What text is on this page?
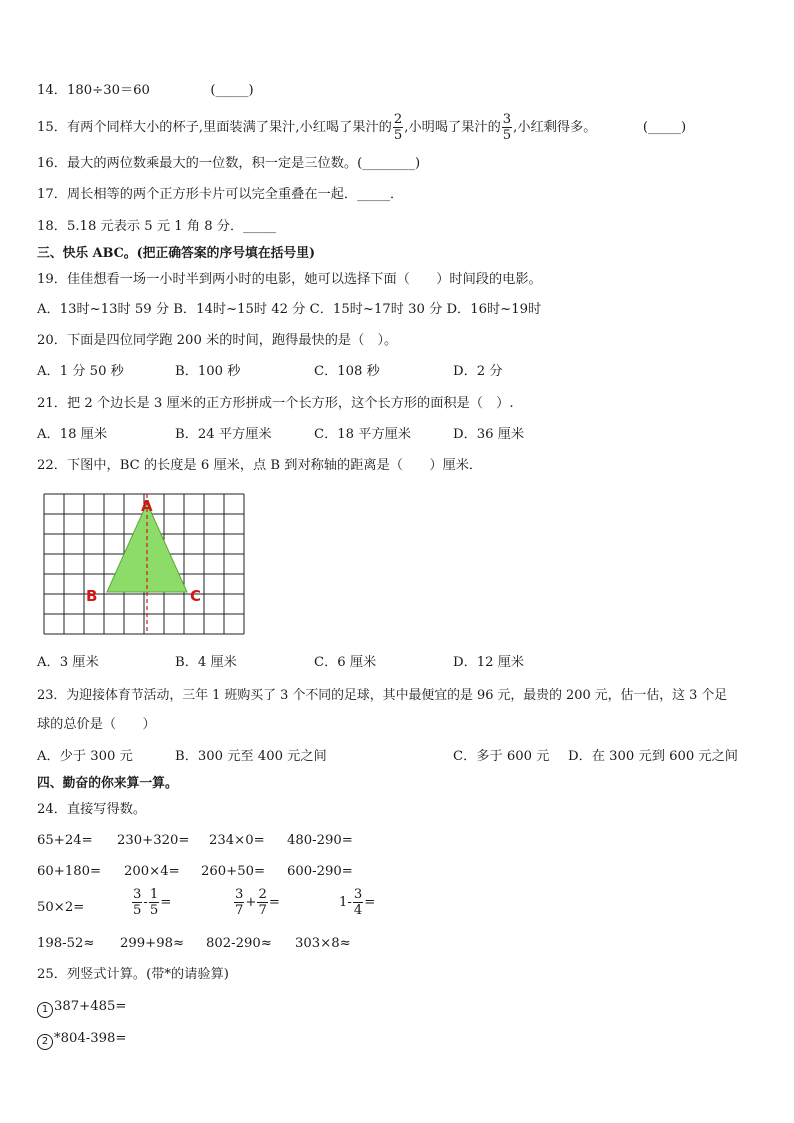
14．180÷30＝60	(_____)
15．有两个同样大小的杯子,里面装满了果汁,小红喝了果汁的 $\frac{2}{5}$ ,小明喝了果汁的 $\frac{3}{5}$ ,小红剩得多。	(_____)
16．最大的两位数乘最大的一位数，积一定是三位数。(________)
17．周长相等的两个正方形卡片可以完全重叠在一起．_____．
18．5.18 元表示 5 元 1 角 8 分．_____
三、快乐 ABC。(把正确答案的序号填在括号里)
19．佳佳想看一场一小时半到两小时的电影，她可以选择下面（　　）时间段的电影。
A．13时~13时 59 分 B．14时~15时 42 分 C．15时~17时 30 分 D．16时~19时
20．下面是四位同学跑 200 米的时间，跑得最快的是（　）。
A．1 分 50 秒	B．100 秒	C．108 秒	D．2 分
21．把 2 个边长是 3 厘米的正方形拼成一个长方形，这个长方形的面积是（　）.
A．18 厘米	B．24 平方厘米	C．18 平方厘米	D．36 厘米
22．下图中，BC 的长度是 6 厘米，点 B 到对称轴的距离是（　　）厘米．
A
B	C
A．3 厘米	B．4 厘米	C．6 厘米	D．12 厘米
23．为迎接体育节活动，三年 1 班购买了 3 个不同的足球，其中最便宜的是 96 元，最贵的 200 元，估一估，这 3 个足
球的总价是（　　）
A．少于 300 元	B．300 元至 400 元之间	C．多于 600 元 D．在 300 元到 600 元之间
四、勤奋的你来算一算。
24．直接写得数。
65+24= 230+320= 234×0= 480-290=
60+180= 200×4= 260+50= 600-290=
50×2=	$\frac{3}{5} - \frac{1}{5}$ =	$\frac{3}{7} + \frac{2}{7}$ =	$1- \frac{3}{4}$ =
198-52≈ 299+98≈ 802-290≈ 303×8≈
25．列竖式计算。(带*的请验算)
1 387+485=
2 *804-398=
